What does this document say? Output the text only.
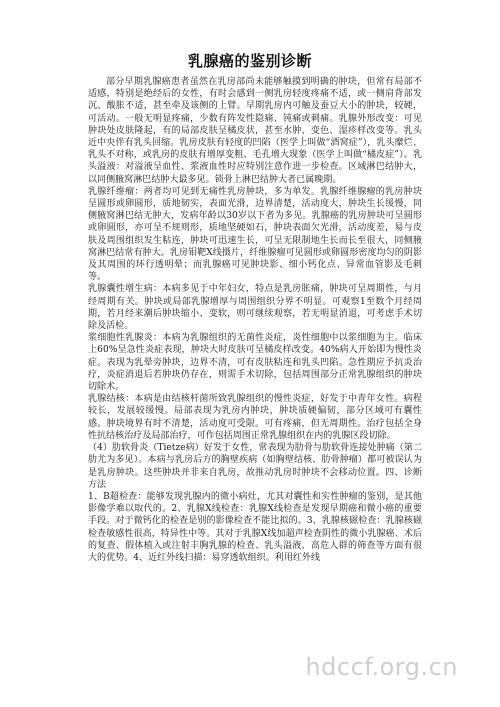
乳腺癌的鉴别诊断

部分早期乳腺癌患者虽然在乳房部尚未能够触摸到明确的肿块，但常有局部不适感，特别是绝经后的女性，有时会感到一侧乳房轻度疼痛不适，或一侧肩背部发沉、酸胀不适，甚至牵及该侧的上臂。早期乳房内可触及蚕豆大小的肿块，较硬，可活动。一般无明显疼痛，少数有阵发性隐痛、钝痛或刺痛。乳腺外形改变：可见肿块处皮肤隆起，有的局部皮肤呈橘皮状，甚至水肿、变色、湿疹样改变等。乳头近中央伴有乳头回缩。乳房皮肤有轻度的凹陷（医学上叫做“酒窝症”），乳头糜烂、乳头不对称，或乳房的皮肤有增厚变粗、毛孔增大现象（医学上叫做“橘皮症”）。乳头溢液：对溢液呈血性、浆液血性时应特别注意作进一步检查。区域淋巴结肿大，以同侧腋窝淋巴结肿大最多见。锁骨上淋巴结肿大者已属晚期。

乳腺纤维瘤：两者均可见到无痛性乳房肿块，多为单发。乳腺纤维腺瘤的乳房肿块呈圆形或卵圆形，质地韧实，表面光滑，边界清楚，活动度大，肿块生长缓慢，同侧腋窝淋巴结无肿大，发病年龄以30岁以下者为多见。乳腺癌的乳房肿块可呈圆形或卵圆形，亦可呈不规则形，质地坚硬如石，肿块表面欠光滑，活动度差，易与皮肤及周围组织发生粘连，肿块可迅速生长，可呈无限制地生长而长至很大，同侧腋窝淋巴结常有肿大。乳房钼靶X线摄片，纤维腺瘤可见圆形或卵圆形密度均匀的阴影及其周围的环行透明晕；而乳腺癌可见肿块影、细小钙化点、异常血管影及毛刺等。

乳腺囊性增生病：本病多见于中年妇女，特点是乳房胀痛，肿块可呈周期性，与月经周期有关。肿块或局部乳腺增厚与周围组织分界不明显。可观察1至数个月经周期，若月经来潮后肿块缩小、变软，则可继续观察，若无明显消退，可考虑手术切除及活检。

浆细胞性乳腺炎：本病为乳腺组织的无菌性炎症，炎性细胞中以浆细胞为主。临床上60%呈急性炎症表现，肿块大时皮肤可呈橘皮样改变。40%病人开始即为慢性炎症。表现为乳晕旁肿块，边界不清，可有皮肤粘连和乳头凹陷。急性期应予抗炎治疗，炎症消退后若肿块仍存在，则需手术切除，包括周围部分正常乳腺组织的肿块切除术。

乳腺结核：本病是由结核杆菌所致乳腺组织的慢性炎症，好发于中青年女性。病程较长，发展较缓慢。局部表现为乳房内肿块，肿块质硬偏韧，部分区域可有囊性感。肿块境界有时不清楚，活动度可受限。可有疼痛，但无周期性。治疗包括全身性抗结核治疗及局部治疗，可作包括周围正常乳腺组织在内的乳腺区段切除。

（4）肋软骨炎（Tietze病）好发于女性，常表现为肋骨与肋软骨连接处肿痛（第二肋尤为多见）。本病与乳房后方的胸壁疾病（如胸壁结核、肋骨肿瘤）都可被误认为是乳房肿块。这些肿块并非来自乳房，故推动乳房时肿块不会移动位置。四、诊断方法

1、B超检查：能够发现乳腺内的微小病灶，尤其对囊性和实性肿瘤的鉴别，是其他影像学难以取代的。2、乳腺X线检查：乳腺X线检查是发现早期癌和微小癌的重要手段。对于微钙化的检查是别的影像检查不能比拟的。3、乳腺核磁检查：乳腺核磁检查敏感性很高，特异性中等。其对于乳腺X线加超声检查阴性的微小乳腺癌、术后的复查、假体植入或注射丰胸乳腺的检查、乳头溢液、高危人群的筛查等方面有很大的优势。4、近红外线扫描：易穿透软组织。利用红外线

hdccf.org.cn
